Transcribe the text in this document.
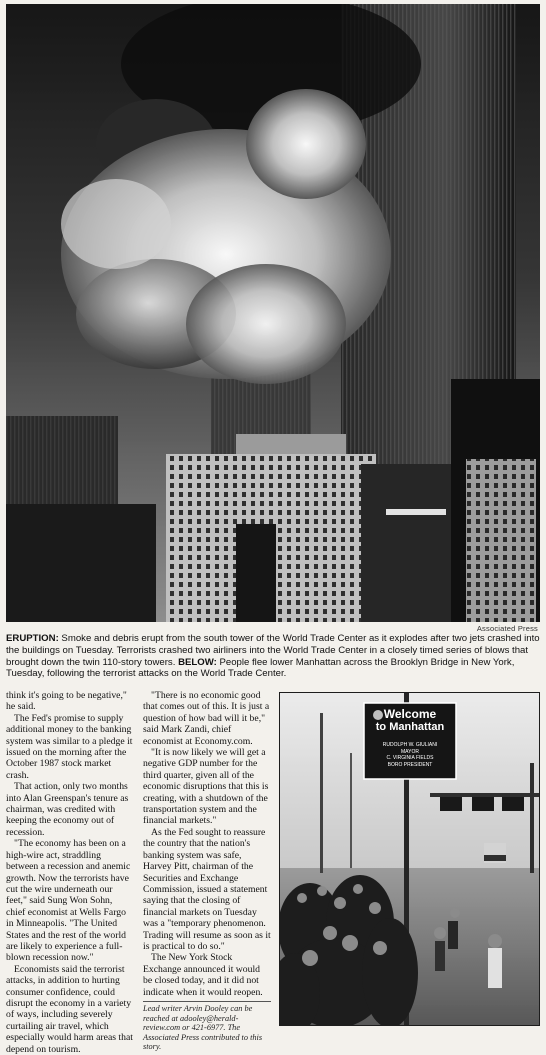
Associated Press

ERUPTION: Smoke and debris erupt from the south tower of the World Trade Center as it explodes after two jets crashed into the buildings on Tuesday. Terrorists crashed two airliners into the World Trade Center in a closely timed series of blows that brought down the twin 110-story towers. BELOW: People flee lower Manhattan across the Brooklyn Bridge in New York, Tuesday, following the terrorist attacks on the World Trade Center.

think it's going to be negative," he said.

The Fed's promise to supply additional money to the banking system was similar to a pledge it issued on the morning after the October 1987 stock market crash.

That action, only two months into Alan Greenspan's tenure as chairman, was credited with keeping the economy out of recession.

"The economy has been on a high-wire act, straddling between a recession and anemic growth. Now the terrorists have cut the wire underneath our feet," said Sung Won Sohn, chief economist at Wells Fargo in Minneapolis. "The United States and the rest of the world are likely to experience a full-blown recession now."

Economists said the terrorist attacks, in addition to hurting consumer confidence, could disrupt the economy in a variety of ways, including severely curtailing air travel, which especially would harm areas that depend on tourism.

"There is no economic good that comes out of this. It is just a question of how bad will it be," said Mark Zandi, chief economist at Economy.com.

"It is now likely we will get a negative GDP number for the third quarter, given all of the economic disruptions that this is creating, with a shutdown of the transportation system and the financial markets."

As the Fed sought to reassure the country that the nation's banking system was safe, Harvey Pitt, chairman of the Securities and Exchange Commission, issued a statement saying that the closing of financial markets on Tuesday was a "temporary phenomenon. Trading will resume as soon as it is practical to do so."

The New York Stock Exchange announced it would be closed today, and it did not indicate when it would reopen.

Lead writer Arvin Dooley can be reached at adooley@herald-review.com or 421-6977. The Associated Press contributed to this story.

Welcome
to Manhattan
RUDOLPH W. GIULIANI
MAYOR
C. VIRGINIA FIELDS
BORO PRESIDENT
